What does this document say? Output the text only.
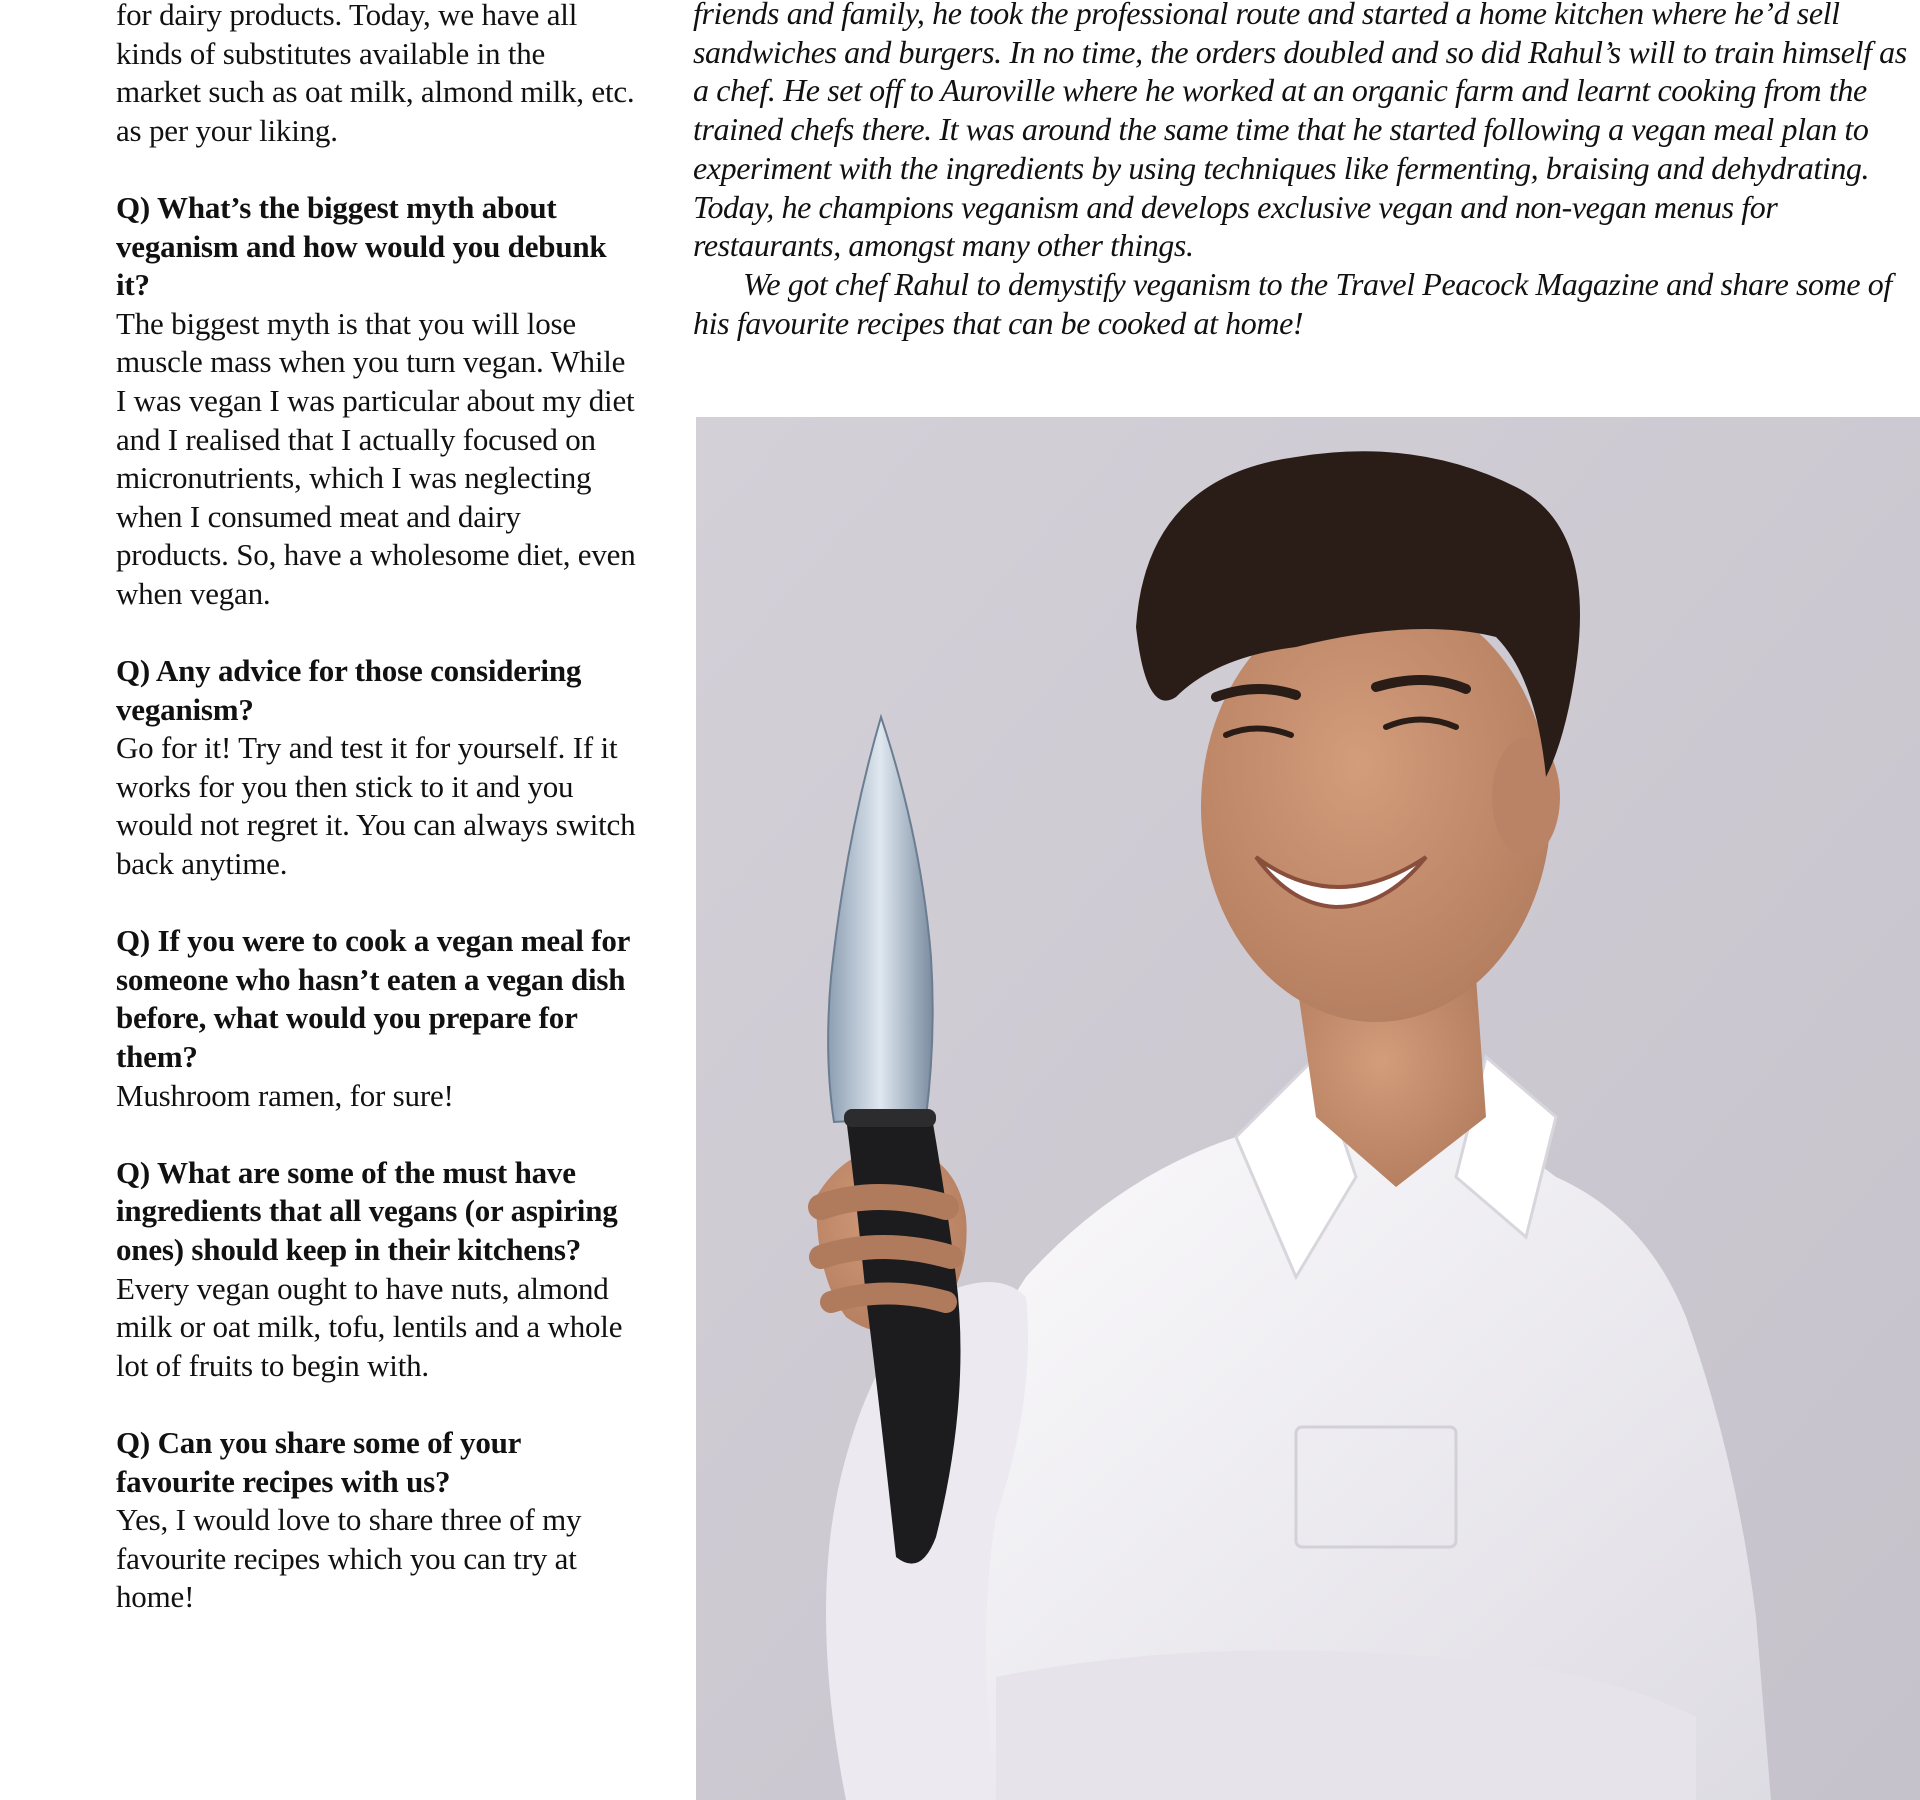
for dairy products. Today, we have all kinds of substitutes available in the market such as oat milk, almond milk, etc. as per your liking.
Q) What’s the biggest myth about veganism and how would you debunk it?
The biggest myth is that you will lose muscle mass when you turn vegan. While I was vegan I was particular about my diet and I realised that I actually focused on micronutrients, which I was neglecting when I consumed meat and dairy products. So, have a wholesome diet, even when vegan.
Q) Any advice for those considering veganism?
Go for it! Try and test it for yourself. If it works for you then stick to it and you would not regret it. You can always switch back anytime.
Q) If you were to cook a vegan meal for someone who hasn’t eaten a vegan dish before, what would you prepare for them?
Mushroom ramen, for sure!
Q) What are some of the must have ingredients that all vegans (or aspiring ones) should keep in their kitchens?
Every vegan ought to have nuts, almond milk or oat milk, tofu, lentils and a whole lot of fruits to begin with.
Q) Can you share some of your favourite recipes with us?
Yes, I would love to share three of my favourite recipes which you can try at home!

friends and family, he took the professional route and started a home kitchen where he’d sell sandwiches and burgers. In no time, the orders doubled and so did Rahul’s will to train himself as a chef. He set off to Auroville where he worked at an organic farm and learnt cooking from the trained chefs there. It was around the same time that he started following a vegan meal plan to experiment with the ingredients by using techniques like fermenting, braising and dehydrating. Today, he champions veganism and develops exclusive vegan and non-vegan menus for restaurants, amongst many other things.

We got chef Rahul to demystify veganism to the Travel Peacock Magazine and share some of his favourite recipes that can be cooked at home!
